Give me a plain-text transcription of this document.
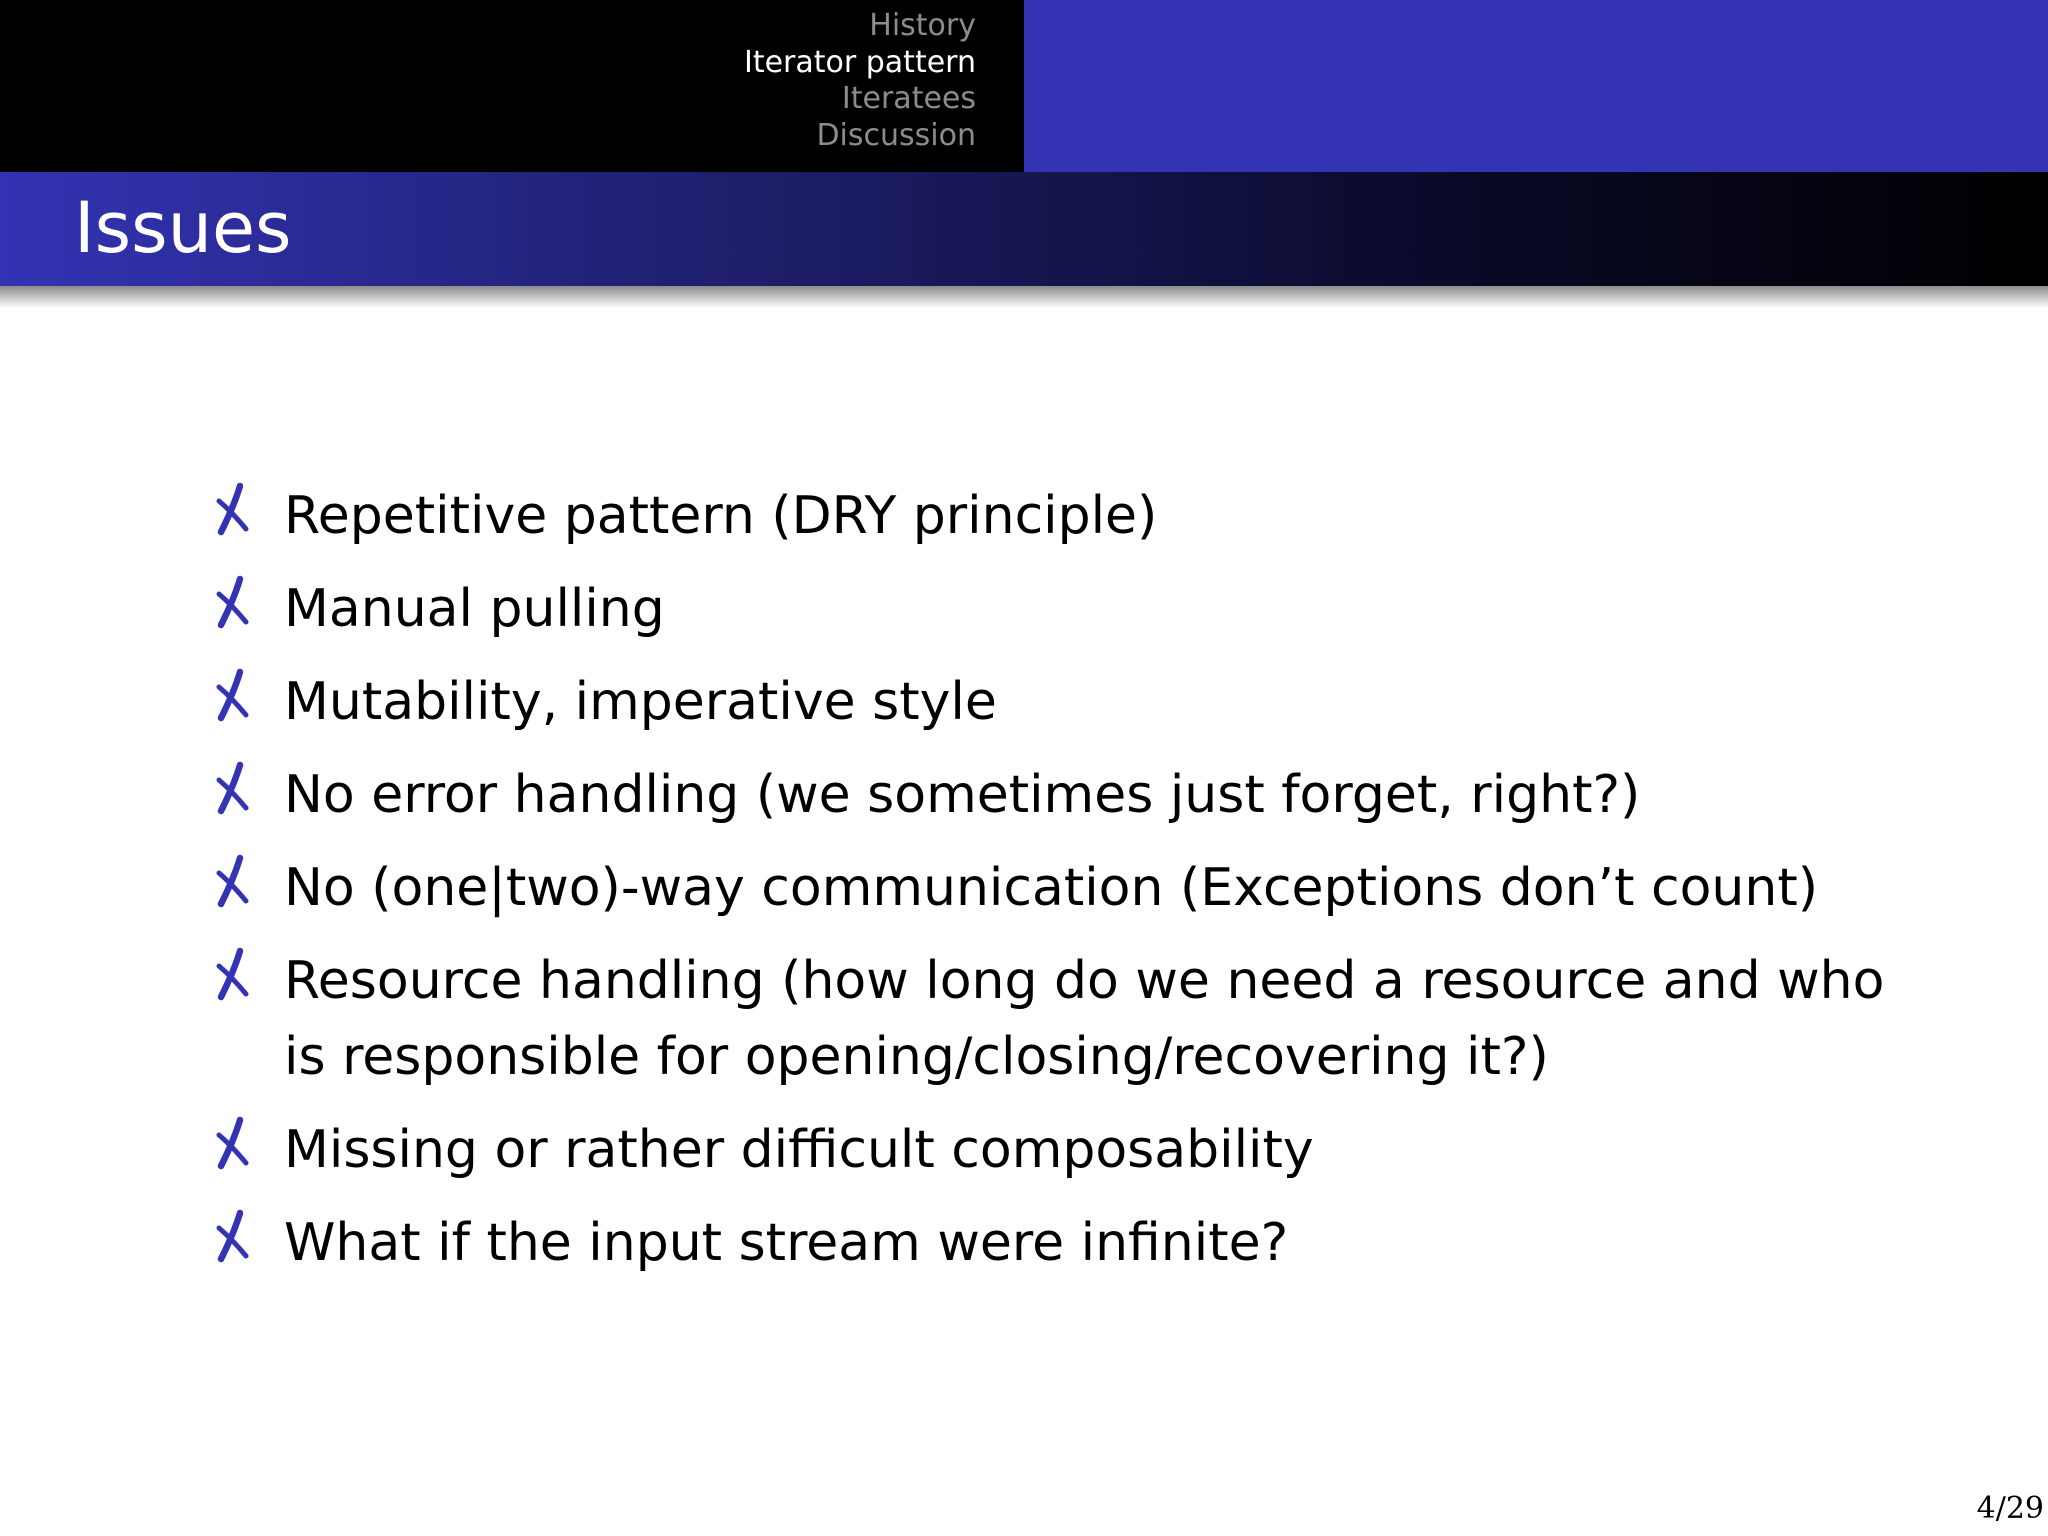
History
Iterator pattern
Iteratees
Discussion
Issues
Repetitive pattern (DRY principle)
Manual pulling
Mutability, imperative style
No error handling (we sometimes just forget, right?)
No (one|two)-way communication (Exceptions don’t count)
Resource handling (how long do we need a resource and who
is responsible for opening/closing/recovering it?)
Missing or rather difficult composability
What if the input stream were infinite?
4/29
